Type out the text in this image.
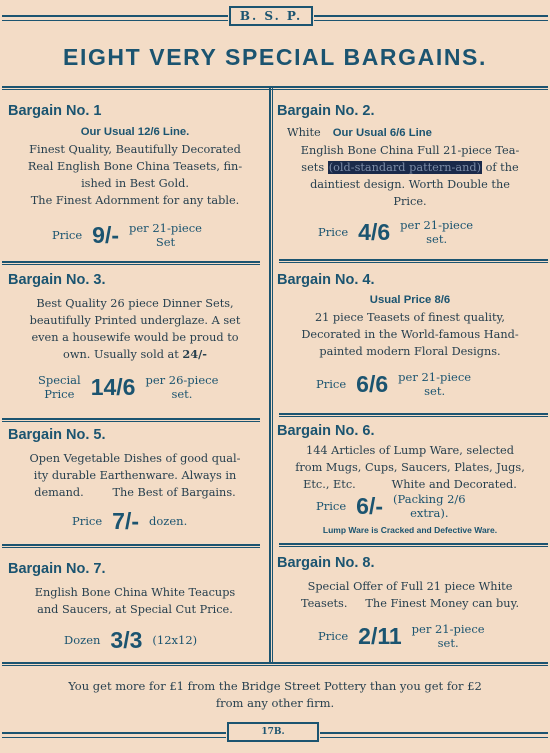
B. S. P.
EIGHT VERY SPECIAL BARGAINS.
Bargain No. 1
Our Usual 12/6 Line.
Finest Quality, Beautifully Decorated
Real English Bone China Teasets, fin-
ished in Best Gold.
The Finest Adornment for any table.
Price 9/- per 21-piece
Set
Bargain No. 2.
White Our Usual 6/6 Line
English Bone China Full 21-piece Tea-
sets (old-standard pattern-and) of the
daintiest design. Worth Double the
Price.
Price 4/6 per 21-piece
set.
Bargain No. 3.
Best Quality 26 piece Dinner Sets,
beautifully Printed underglaze. A set
even a housewife would be proud to
own. Usually sold at 24/-
Special
Price 14/6 per 26-piece
set.
Bargain No. 4.
Usual Price 8/6
21 piece Teasets of finest quality,
Decorated in the World-famous Hand-
painted modern Floral Designs.
Price 6/6 per 21-piece
set.
Bargain No. 5.
Open Vegetable Dishes of good qual-
ity durable Earthenware. Always in
demand.        The Best of Bargains.
Price 7/- dozen.
Bargain No. 6.
144 Articles of Lump Ware, selected
from Mugs, Cups, Saucers, Plates, Jugs,
Etc., Etc.          White and Decorated.
Price 6/- (Packing 2/6
extra).
Lump Ware is Cracked and Defective Ware.
Bargain No. 7.
English Bone China White Teacups
and Saucers, at Special Cut Price.
Dozen 3/3 (12x12)
Bargain No. 8.
Special Offer of Full 21 piece White
Teasets.     The Finest Money can buy.
Price 2/11 per 21-piece
set.
You get more for £1 from the Bridge Street Pottery than you get for £2
from any other firm.
17B.
